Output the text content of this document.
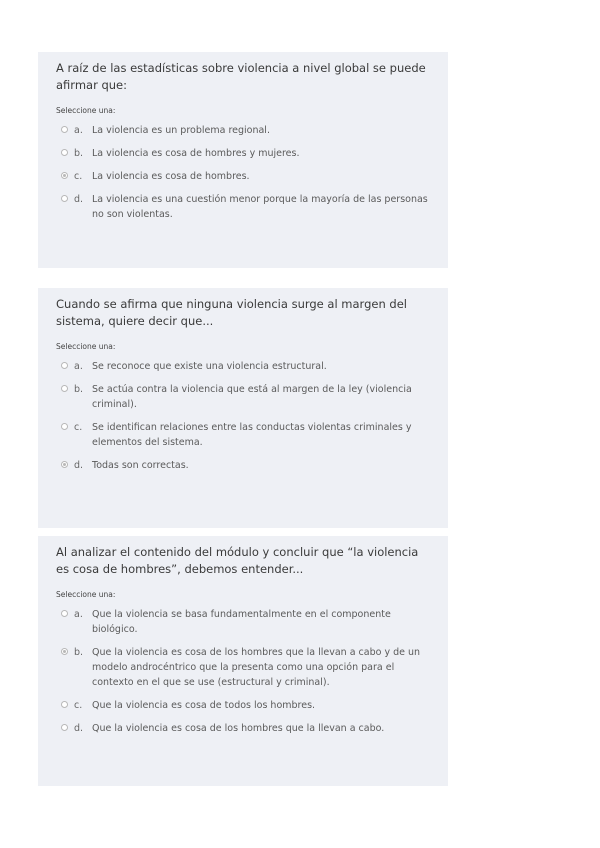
A raíz de las estadísticas sobre violencia a nivel global se puede afirmar que:

Seleccione una:
a. La violencia es un problema regional.
b. La violencia es cosa de hombres y mujeres.
c.	La violencia es cosa de hombres.
d. La violencia es una cuestión menor porque la mayoría de las personas no son violentas.

Cuando se afirma que ninguna violencia surge al margen del sistema, quiere decir que...

Seleccione una:
a. Se reconoce que existe una violencia estructural.
b. Se actúa contra la violencia que está al margen de la ley (violencia criminal).
c.	Se identifican relaciones entre las conductas violentas criminales y elementos del sistema.
d. Todas son correctas.

Al analizar el contenido del módulo y concluir que “la violencia es cosa de hombres”, debemos entender...

Seleccione una:
a. Que la violencia se basa fundamentalmente en el componente biológico.
b. Que la violencia es cosa de los hombres que la llevan a cabo y de un modelo androcéntrico que la presenta como una opción para el contexto en el que se use (estructural y criminal).
c.	Que la violencia es cosa de todos los hombres.
d. Que la violencia es cosa de los hombres que la llevan a cabo.
